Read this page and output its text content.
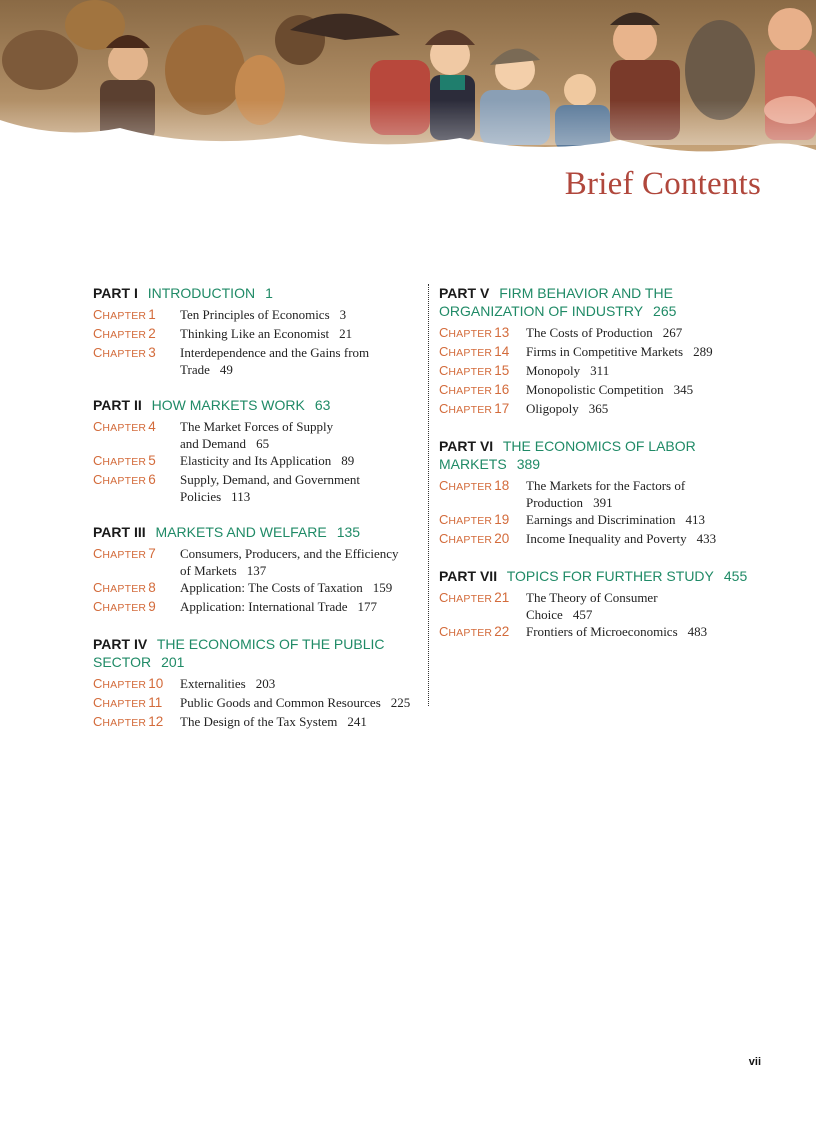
Brief Contents
PART I INTRODUCTION 1
CHAPTER 1	Ten Principles of Economics 3
CHAPTER 2	Thinking Like an Economist 21
CHAPTER 3	Interdependence and the Gains from
Trade 49
PART II HOW MARKETS WORK 63
CHAPTER 4	The Market Forces of Supply
and Demand 65
CHAPTER 5	Elasticity and Its Application 89
CHAPTER 6	Supply, Demand, and Government
Policies 113
PART III MARKETS AND WELFARE 135
CHAPTER 7	Consumers, Producers, and the Efficiency
of Markets 137
CHAPTER 8	Application: The Costs of Taxation 159
CHAPTER 9	Application: International Trade 177
PART IV THE ECONOMICS OF THE PUBLIC SECTOR 201
CHAPTER 10	Externalities 203
CHAPTER 11	Public Goods and Common Resources 225
CHAPTER 12	The Design of the Tax System 241
PART V FIRM BEHAVIOR AND THE ORGANIZATION OF INDUSTRY 265
CHAPTER 13	The Costs of Production 267
CHAPTER 14	Firms in Competitive Markets 289
CHAPTER 15	Monopoly 311
CHAPTER 16	Monopolistic Competition 345
CHAPTER 17	Oligopoly 365
PART VI THE ECONOMICS OF LABOR MARKETS 389
CHAPTER 18	The Markets for the Factors of
Production 391
CHAPTER 19	Earnings and Discrimination 413
CHAPTER 20	Income Inequality and Poverty 433
PART VII TOPICS FOR FURTHER STUDY 455
CHAPTER 21	The Theory of Consumer
Choice 457
CHAPTER 22	Frontiers of Microeconomics 483
vii
